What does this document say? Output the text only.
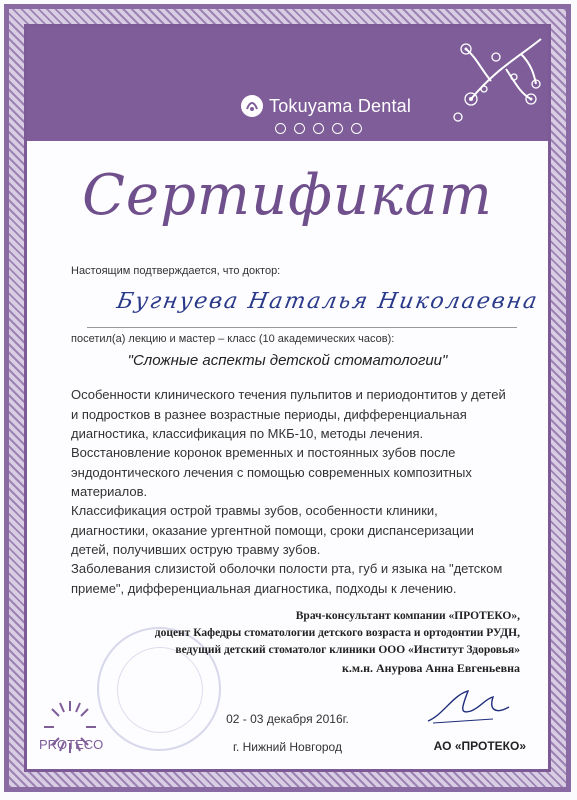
Tokuyama Dental
Сертификат
Настоящим подтверждается, что доктор:
Бугнуева Наталья Николаевна
посетил(а) лекцию и мастер – класс (10 академических часов):
"Сложные аспекты детской стоматологии"
Особенности клинического течения пульпитов и периодонтитов у детей и подростков в разнее возрастные периоды, дифференциальная диагностика, классификация по МКБ-10, методы лечения.
Восстановление коронок временных и постоянных зубов после эндодонтического лечения с помощью современных композитных материалов.
Классификация острой травмы зубов, особенности клиники, диагностики, оказание ургентной помощи, сроки диспансеризации детей, получивших острую травму зубов.
Заболевания слизистой оболочки полости рта, губ и языка на "детском приеме", дифференциальная диагностика, подходы к лечению.
Врач-консультант компании «ПРОТЕКО»,
доцент Кафедры стоматологии детского возраста и ортодонтии РУДН,
ведущий детский стоматолог клиники ООО «Институт Здоровья»
к.м.н. Анурова Анна Евгеньевна
02 - 03 декабря 2016г.
г. Нижний Новгород
PROTECO	АО «ПРОТЕКО»
